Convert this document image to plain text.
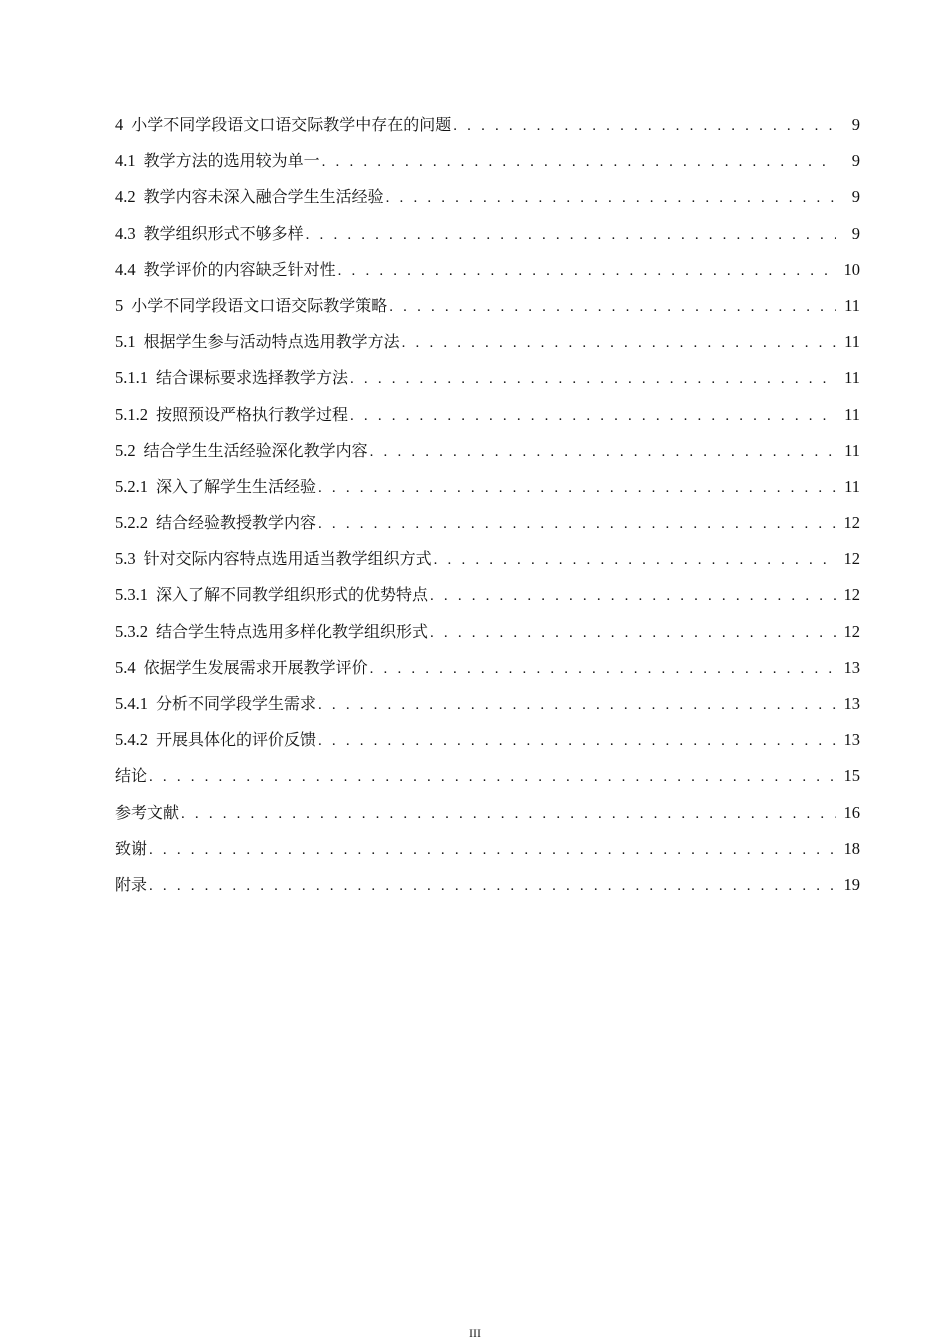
4 小学不同学段语文口语交际教学中存在的问题 . . .	9
4.1 教学方法的选用较为单一 . . .	9
4.2 教学内容未深入融合学生生活经验 . . .	9
4.3 教学组织形式不够多样 . . .	9
4.4 教学评价的内容缺乏针对性 . . .	10
5 小学不同学段语文口语交际教学策略 . . .	11
5.1 根据学生参与活动特点选用教学方法 . . .	11
5.1.1 结合课标要求选择教学方法 . . .	11
5.1.2 按照预设严格执行教学过程 . . .	11
5.2 结合学生生活经验深化教学内容 . . .	11
5.2.1 深入了解学生生活经验 . . .	11
5.2.2 结合经验教授教学内容 . . .	12
5.3 针对交际内容特点选用适当教学组织方式 . . .	12
5.3.1 深入了解不同教学组织形式的优势特点 . . .	12
5.3.2 结合学生特点选用多样化教学组织形式 . . .	12
5.4 依据学生发展需求开展教学评价 . . .	13
5.4.1 分析不同学段学生需求 . . .	13
5.4.2 开展具体化的评价反馈 . . .	13
结论 . . .	15
参考文献 . . .	16
致谢 . . .	18
附录 . . .	19
III
